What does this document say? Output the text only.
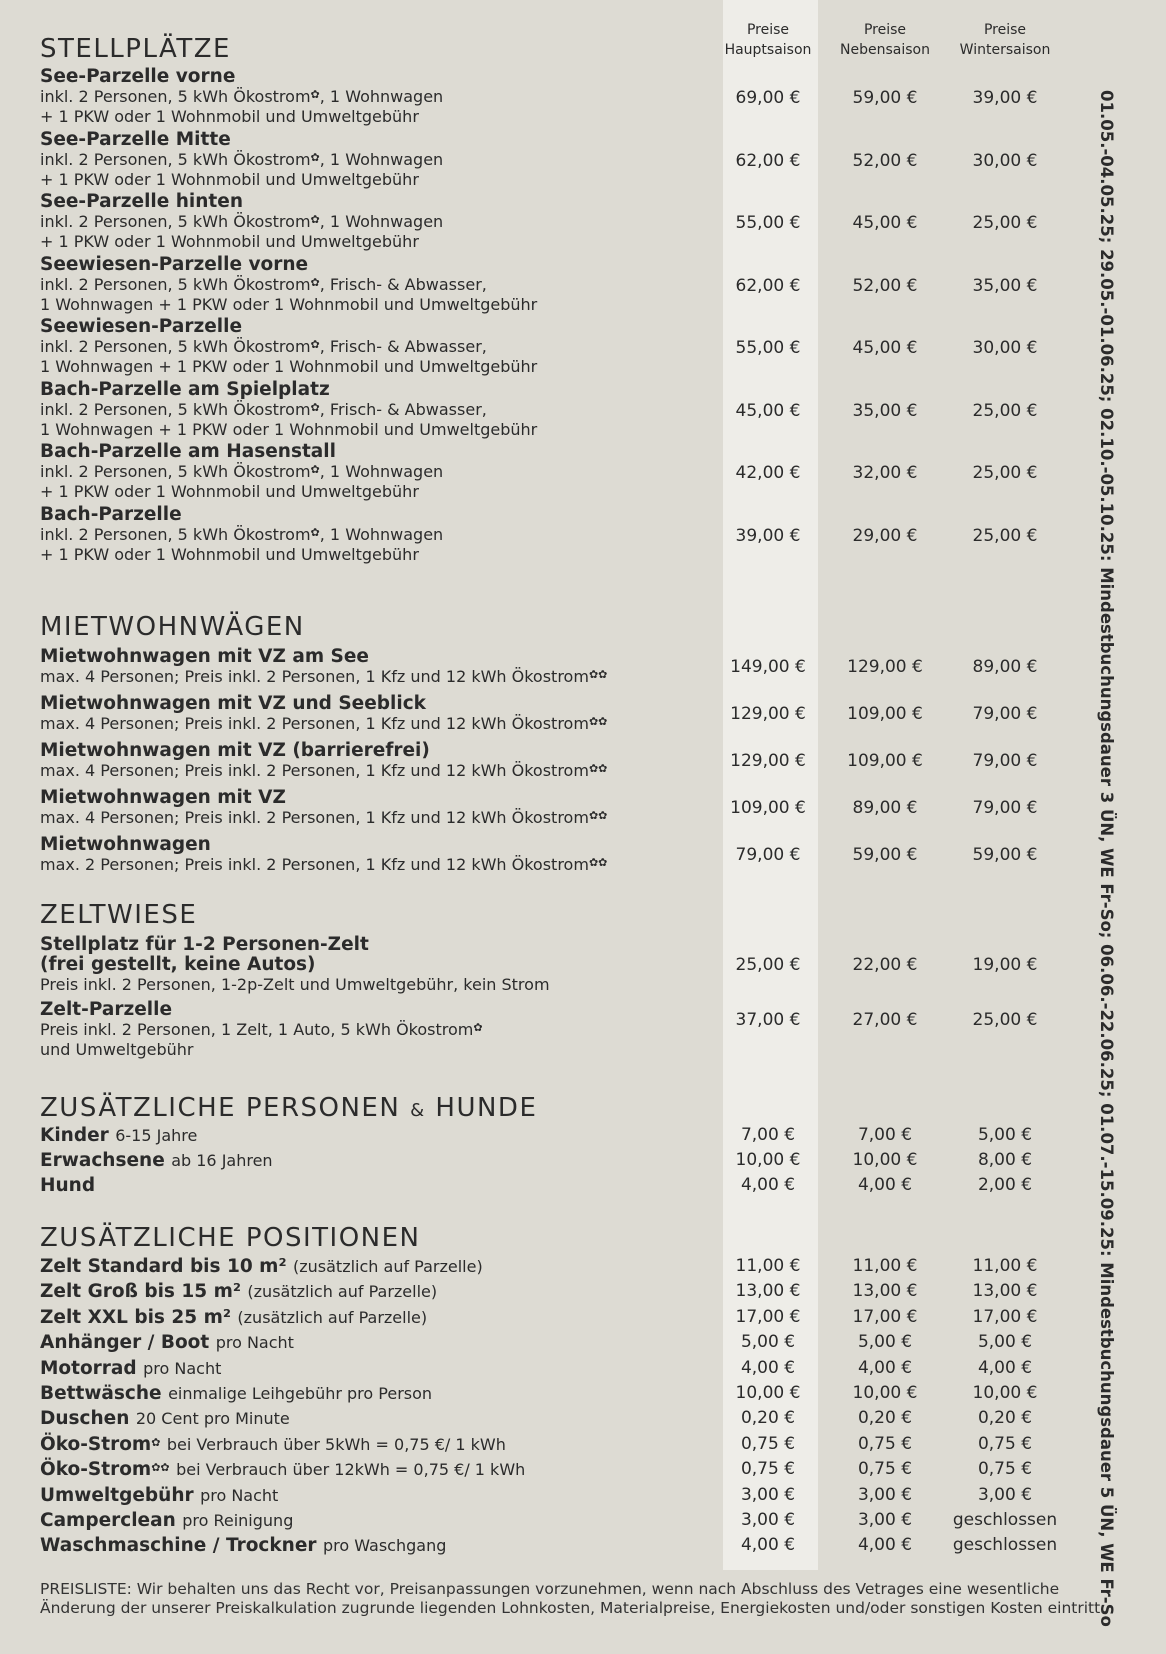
Preise
Hauptsaison
Preise
Nebensaison
Preise
Wintersaison
STELLPLÄTZE
See-Parzelle vorne
inkl. 2 Personen, 5 kWh Ökostrom✿, 1 Wohnwagen
+ 1 PKW oder 1 Wohnmobil und Umweltgebühr
69,00 €	59,00 €	39,00 €
See-Parzelle Mitte
inkl. 2 Personen, 5 kWh Ökostrom✿, 1 Wohnwagen
+ 1 PKW oder 1 Wohnmobil und Umweltgebühr
62,00 €	52,00 €	30,00 €
See-Parzelle hinten
inkl. 2 Personen, 5 kWh Ökostrom✿, 1 Wohnwagen
+ 1 PKW oder 1 Wohnmobil und Umweltgebühr
55,00 €	45,00 €	25,00 €
Seewiesen-Parzelle vorne
inkl. 2 Personen, 5 kWh Ökostrom✿, Frisch- & Abwasser,
1 Wohnwagen + 1 PKW oder 1 Wohnmobil und Umweltgebühr
62,00 €	52,00 €	35,00 €
Seewiesen-Parzelle
inkl. 2 Personen, 5 kWh Ökostrom✿, Frisch- & Abwasser,
1 Wohnwagen + 1 PKW oder 1 Wohnmobil und Umweltgebühr
55,00 €	45,00 €	30,00 €
Bach-Parzelle am Spielplatz
inkl. 2 Personen, 5 kWh Ökostrom✿, Frisch- & Abwasser,
1 Wohnwagen + 1 PKW oder 1 Wohnmobil und Umweltgebühr
45,00 €	35,00 €	25,00 €
Bach-Parzelle am Hasenstall
inkl. 2 Personen, 5 kWh Ökostrom✿, 1 Wohnwagen
+ 1 PKW oder 1 Wohnmobil und Umweltgebühr
42,00 €	32,00 €	25,00 €
Bach-Parzelle
inkl. 2 Personen, 5 kWh Ökostrom✿, 1 Wohnwagen
+ 1 PKW oder 1 Wohnmobil und Umweltgebühr
39,00 €	29,00 €	25,00 €
MIETWOHNWÄGEN
Mietwohnwagen mit VZ am See
max. 4 Personen; Preis inkl. 2 Personen, 1 Kfz und 12 kWh Ökostrom✿✿	149,00 €	129,00 €	89,00 €
Mietwohnwagen mit VZ und Seeblick
max. 4 Personen; Preis inkl. 2 Personen, 1 Kfz und 12 kWh Ökostrom✿✿	129,00 €	109,00 €	79,00 €
Mietwohnwagen mit VZ (barrierefrei)
max. 4 Personen; Preis inkl. 2 Personen, 1 Kfz und 12 kWh Ökostrom✿✿	129,00 €	109,00 €	79,00 €
Mietwohnwagen mit VZ
max. 4 Personen; Preis inkl. 2 Personen, 1 Kfz und 12 kWh Ökostrom✿✿	109,00 €	89,00 €	79,00 €
Mietwohnwagen
max. 2 Personen; Preis inkl. 2 Personen, 1 Kfz und 12 kWh Ökostrom✿✿	79,00 €	59,00 €	59,00 €
ZELTWIESE
Stellplatz für 1-2 Personen-Zelt
(frei gestellt, keine Autos)
Preis inkl. 2 Personen, 1-2p-Zelt und Umweltgebühr, kein Strom
25,00 €	22,00 €	19,00 €
Zelt-Parzelle
Preis inkl. 2 Personen, 1 Zelt, 1 Auto, 5 kWh Ökostrom✿
und Umweltgebühr
37,00 €	27,00 €	25,00 €
ZUSÄTZLICHE PERSONEN & HUNDE
Kinder 6-15 Jahre	7,00 €	7,00 €	5,00 €
Erwachsene ab 16 Jahren	10,00 €	10,00 €	8,00 €
Hund	4,00 €	4,00 €	2,00 €
ZUSÄTZLICHE POSITIONEN
Zelt Standard bis 10 m² (zusätzlich auf Parzelle)	11,00 €	11,00 €	11,00 €
Zelt Groß bis 15 m² (zusätzlich auf Parzelle)	13,00 €	13,00 €	13,00 €
Zelt XXL bis 25 m² (zusätzlich auf Parzelle)	17,00 €	17,00 €	17,00 €
Anhänger / Boot pro Nacht	5,00 €	5,00 €	5,00 €
Motorrad pro Nacht	4,00 €	4,00 €	4,00 €
Bettwäsche einmalige Leihgebühr pro Person	10,00 €	10,00 €	10,00 €
Duschen 20 Cent pro Minute	0,20 €	0,20 €	0,20 €
Öko-Strom✿ bei Verbrauch über 5kWh = 0,75 €/ 1 kWh	0,75 €	0,75 €	0,75 €
Öko-Strom✿✿ bei Verbrauch über 12kWh = 0,75 €/ 1 kWh	0,75 €	0,75 €	0,75 €
Umweltgebühr pro Nacht	3,00 €	3,00 €	3,00 €
Camperclean pro Reinigung	3,00 €	3,00 €	geschlossen
Waschmaschine / Trockner pro Waschgang	4,00 €	4,00 €	geschlossen	01.05.-04.05.25; 29.05.-01.06.25; 02.10.-05.10.25: Mindestbuchungsdauer 3 ÜN, WE Fr-So; 06.06.-22.06.25; 01.07.-15.09.25: Mindestbuchungsdauer 5 ÜN, WE Fr-So
PREISLISTE: Wir behalten uns das Recht vor, Preisanpassungen vorzunehmen, wenn nach Abschluss des Vetrages eine wesentliche
Änderung der unserer Preiskalkulation zugrunde liegenden Lohnkosten, Materialpreise, Energiekosten und/oder sonstigen Kosten eintritt.
